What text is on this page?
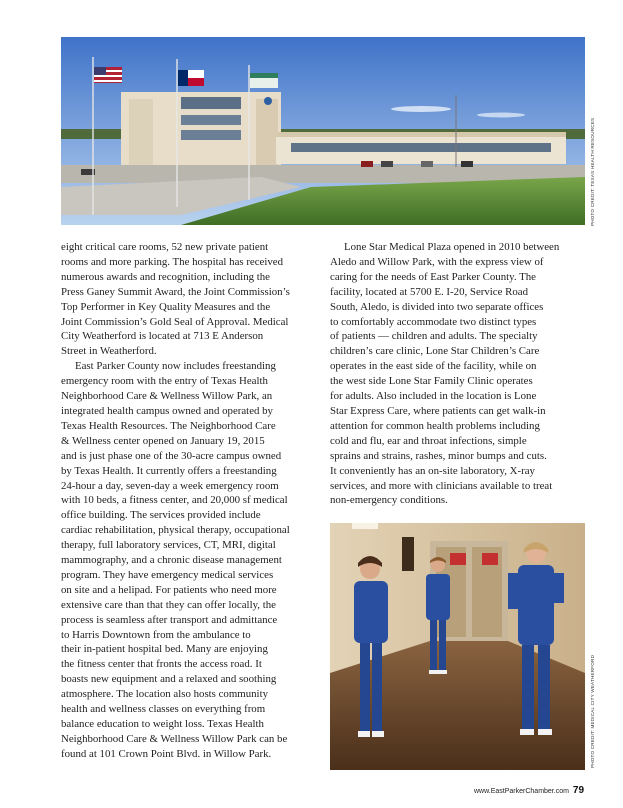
PHOTO CREDIT: TEXAS HEALTH RESOURCES
eight critical care rooms, 52 new private patient
rooms and more parking. The hospital has received
numerous awards and recognition, including the
Press Ganey Summit Award, the Joint Commission’s
Top Performer in Key Quality Measures and the
Joint Commission’s Gold Seal of Approval. Medical
City Weatherford is located at 713 E Anderson
Street in Weatherford.
East Parker County now includes freestanding
emergency room with the entry of Texas Health
Neighborhood Care & Wellness Willow Park, an
integrated health campus owned and operated by
Texas Health Resources. The Neighborhood Care
& Wellness center opened on January 19, 2015
and is just phase one of the 30-acre campus owned
by Texas Health. It currently offers a freestanding
24-hour a day, seven-day a week emergency room
with 10 beds, a fitness center, and 20,000 sf medical
office building. The services provided include
cardiac rehabilitation, physical therapy, occupational
therapy, full laboratory services, CT, MRI, digital
mammography, and a chronic disease management
program. They have emergency medical services
on site and a helipad. For patients who need more
extensive care than that they can offer locally, the
process is seamless after transport and admittance
to Harris Downtown from the ambulance to
their in-patient hospital bed. Many are enjoying
the fitness center that fronts the access road. It
boasts new equipment and a relaxed and soothing
atmosphere. The location also hosts community
health and wellness classes on everything from
balance education to weight loss. Texas Health
Neighborhood Care & Wellness Willow Park can be
found at 101 Crown Point Blvd. in Willow Park.
Lone Star Medical Plaza opened in 2010 between
Aledo and Willow Park, with the express view of
caring for the needs of East Parker County. The
facility, located at 5700 E. I-20, Service Road
South, Aledo, is divided into two separate offices
to comfortably accommodate two distinct types
of patients — children and adults. The specialty
children’s care clinic, Lone Star Children’s Care
operates in the east side of the facility, while on
the west side Lone Star Family Clinic operates
for adults. Also included in the location is Lone
Star Express Care, where patients can get walk-in
attention for common health problems including
cold and flu, ear and throat infections, simple
sprains and strains, rashes, minor bumps and cuts.
It conveniently has an on-site laboratory, X-ray
services, and more with clinicians available to treat
non-emergency conditions.
PHOTO CREDIT: MEDICAL CITY WEATHERFORD
www.EastParkerChamber.com 79
